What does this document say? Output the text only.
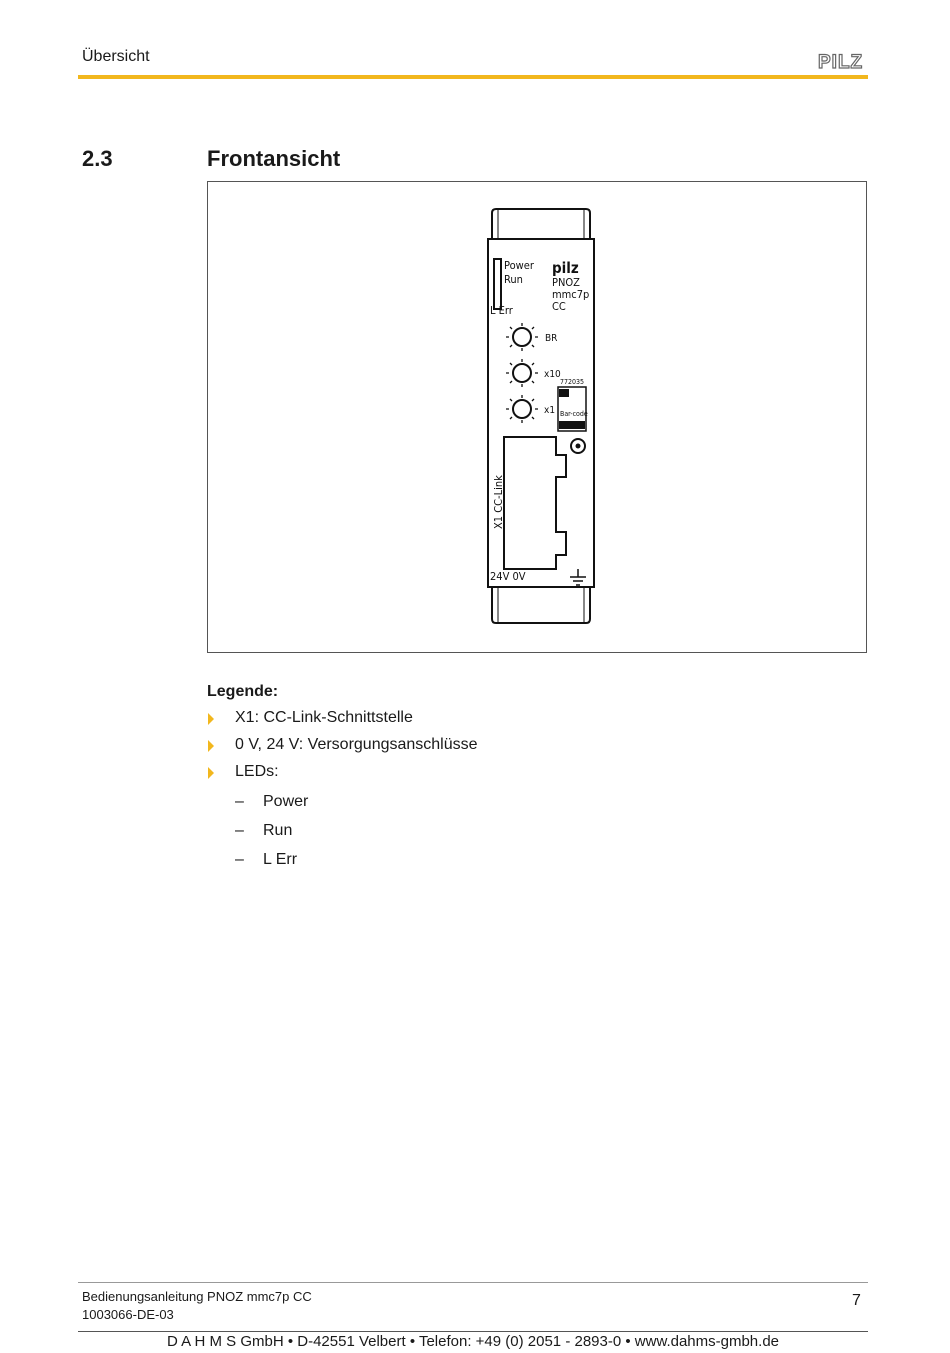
Übersicht	PILZ
2.3	Frontansicht
Power
Run
L Err
pilz
PNOZ
mmc7p
CC
BR
x10
x1
772035
Bar-code
24V 0V
X1 CC-Link
Legende:
X1: CC-Link-Schnittstelle
0 V, 24 V: Versorgungsanschlüsse
LEDs:
– Power
– Run
– L Err
Bedienungsanleitung PNOZ mmc7p CC
1003066-DE-03
7
D A H M S GmbH • D-42551 Velbert • Telefon: +49 (0) 2051 - 2893-0 • www.dahms-gmbh.de
